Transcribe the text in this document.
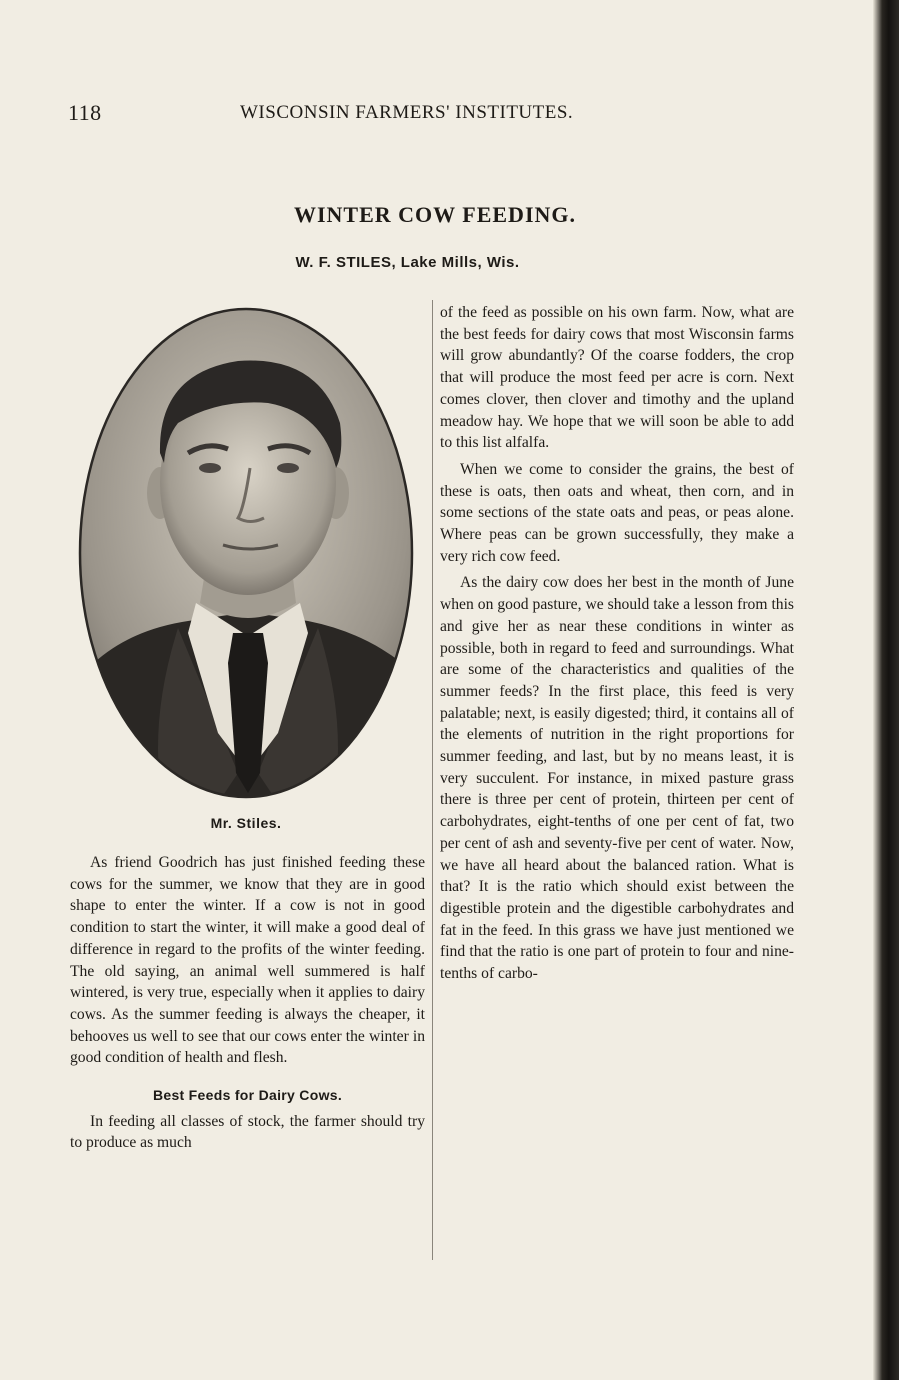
118	WISCONSIN FARMERS' INSTITUTES.
WINTER COW FEEDING.
W. F. STILES, Lake Mills, Wis.
Mr. Stiles.

As friend Goodrich has just finished feeding these cows for the summer, we know that they are in good shape to enter the winter. If a cow is not in good condition to start the winter, it will make a good deal of difference in regard to the profits of the winter feeding. The old saying, an animal well summered is half wintered, is very true, especially when it applies to dairy cows. As the summer feeding is always the cheaper, it behooves us well to see that our cows enter the winter in good condition of health and flesh.

Best Feeds for Dairy Cows.

In feeding all classes of stock, the farmer should try to produce as much

of the feed as possible on his own farm. Now, what are the best feeds for dairy cows that most Wisconsin farms will grow abundantly? Of the coarse fodders, the crop that will produce the most feed per acre is corn. Next comes clover, then clover and timothy and the upland meadow hay. We hope that we will soon be able to add to this list alfalfa.

When we come to consider the grains, the best of these is oats, then oats and wheat, then corn, and in some sections of the state oats and peas, or peas alone. Where peas can be grown successfully, they make a very rich cow feed.

As the dairy cow does her best in the month of June when on good pasture, we should take a lesson from this and give her as near these conditions in winter as possible, both in regard to feed and surroundings. What are some of the characteristics and qualities of the summer feeds? In the first place, this feed is very palatable; next, is easily digested; third, it contains all of the elements of nutrition in the right proportions for summer feeding, and last, but by no means least, it is very succulent. For instance, in mixed pasture grass there is three per cent of protein, thirteen per cent of carbohydrates, eight-tenths of one per cent of fat, two per cent of ash and seventy-five per cent of water. Now, we have all heard about the balanced ration. What is that? It is the ratio which should exist between the digestible protein and the digestible carbohydrates and fat in the feed. In this grass we have just mentioned we find that the ratio is one part of protein to four and nine-tenths of carbo-
